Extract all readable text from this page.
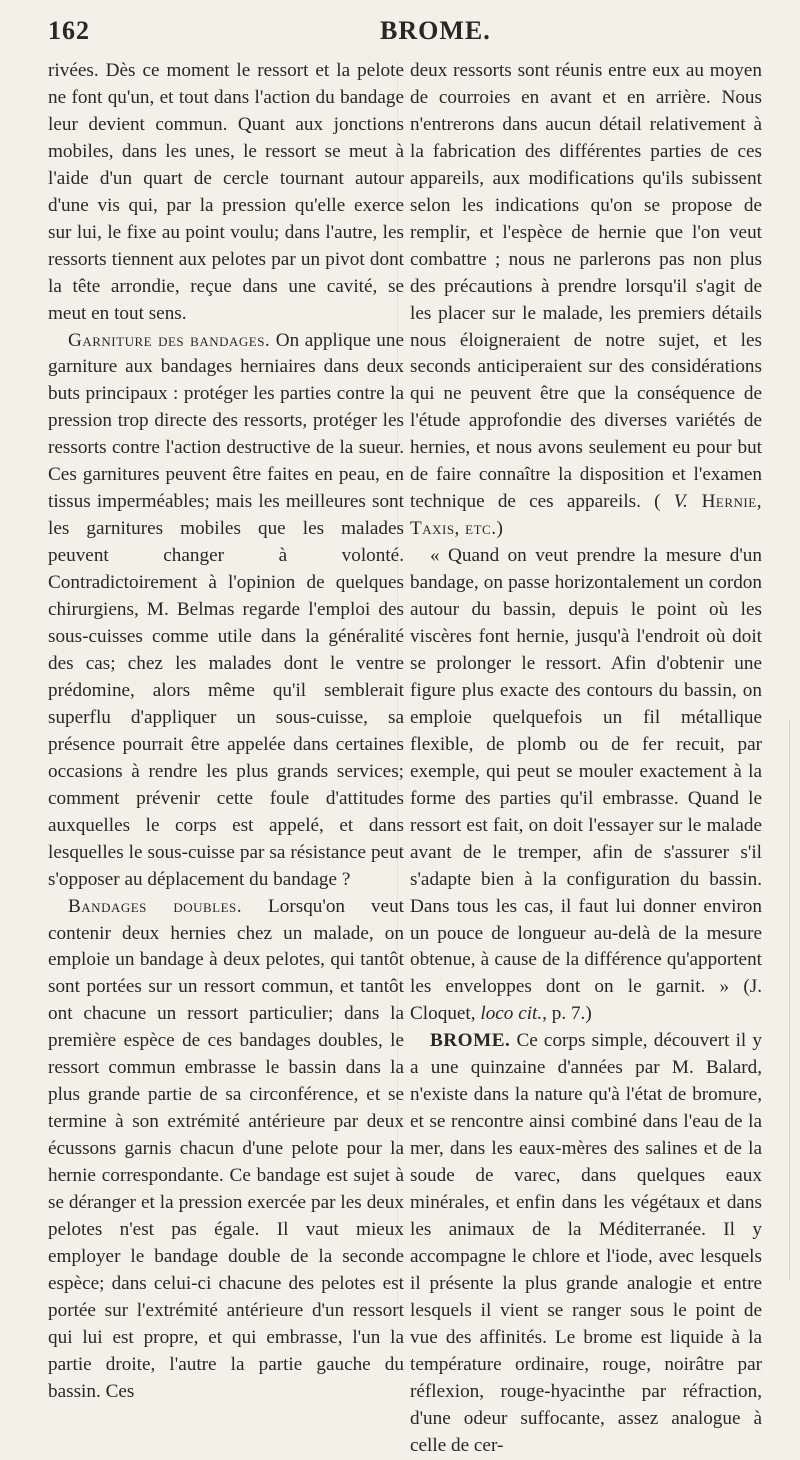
162	BROME.

rivées. Dès ce moment le ressort et la pelote ne font qu'un, et tout dans l'action du bandage leur devient commun. Quant aux jonctions mobiles, dans les unes, le ressort se meut à l'aide d'un quart de cercle tournant autour d'une vis qui, par la pression qu'elle exerce sur lui, le fixe au point voulu; dans l'autre, les ressorts tiennent aux pelotes par un pivot dont la tête arrondie, reçue dans une cavité, se meut en tout sens.

Garniture des bandages. On applique une garniture aux bandages herniaires dans deux buts principaux : protéger les parties contre la pression trop directe des ressorts, protéger les ressorts contre l'action destructive de la sueur. Ces garnitures peuvent être faites en peau, en tissus imperméables; mais les meilleures sont les garnitures mobiles que les malades peuvent changer à volonté. Contradictoirement à l'opinion de quelques chirurgiens, M. Belmas regarde l'emploi des sous-cuisses comme utile dans la généralité des cas; chez les malades dont le ventre prédomine, alors même qu'il semblerait superflu d'appliquer un sous-cuisse, sa présence pourrait être appelée dans certaines occasions à rendre les plus grands services; comment prévenir cette foule d'attitudes auxquelles le corps est appelé, et dans lesquelles le sous-cuisse par sa résistance peut s'opposer au déplacement du bandage ?

Bandages doubles. Lorsqu'on veut contenir deux hernies chez un malade, on emploie un bandage à deux pelotes, qui tantôt sont portées sur un ressort commun, et tantôt ont chacune un ressort particulier; dans la première espèce de ces bandages doubles, le ressort commun embrasse le bassin dans la plus grande partie de sa circonférence, et se termine à son extrémité antérieure par deux écussons garnis chacun d'une pelote pour la hernie correspondante. Ce bandage est sujet à se déranger et la pression exercée par les deux pelotes n'est pas égale. Il vaut mieux employer le bandage double de la seconde espèce; dans celui-ci chacune des pelotes est portée sur l'extrémité antérieure d'un ressort qui lui est propre, et qui embrasse, l'un la partie droite, l'autre la partie gauche du bassin. Ces

deux ressorts sont réunis entre eux au moyen de courroies en avant et en arrière. Nous n'entrerons dans aucun détail relativement à la fabrication des différentes parties de ces appareils, aux modifications qu'ils subissent selon les indications qu'on se propose de remplir, et l'espèce de hernie que l'on veut combattre ; nous ne parlerons pas non plus des précautions à prendre lorsqu'il s'agit de les placer sur le malade, les premiers détails nous éloigneraient de notre sujet, et les seconds anticiperaient sur des considérations qui ne peuvent être que la conséquence de l'étude approfondie des diverses variétés de hernies, et nous avons seulement eu pour but de faire connaître la disposition et l'examen technique de ces appareils. ( V. Hernie, Taxis, etc.)

« Quand on veut prendre la mesure d'un bandage, on passe horizontalement un cordon autour du bassin, depuis le point où les viscères font hernie, jusqu'à l'endroit où doit se prolonger le ressort. Afin d'obtenir une figure plus exacte des contours du bassin, on emploie quelquefois un fil métallique flexible, de plomb ou de fer recuit, par exemple, qui peut se mouler exactement à la forme des parties qu'il embrasse. Quand le ressort est fait, on doit l'essayer sur le malade avant de le tremper, afin de s'assurer s'il s'adapte bien à la configuration du bassin. Dans tous les cas, il faut lui donner environ un pouce de longueur au-delà de la mesure obtenue, à cause de la différence qu'apportent les enveloppes dont on le garnit. » (J. Cloquet, loco cit., p. 7.)

BROME. Ce corps simple, découvert il y a une quinzaine d'années par M. Balard, n'existe dans la nature qu'à l'état de bromure, et se rencontre ainsi combiné dans l'eau de la mer, dans les eaux-mères des salines et de la soude de varec, dans quelques eaux minérales, et enfin dans les végétaux et dans les animaux de la Méditerranée. Il y accompagne le chlore et l'iode, avec lesquels il présente la plus grande analogie et entre lesquels il vient se ranger sous le point de vue des affinités. Le brome est liquide à la température ordinaire, rouge, noirâtre par réflexion, rouge-hyacinthe par réfraction, d'une odeur suffocante, assez analogue à celle de cer-
